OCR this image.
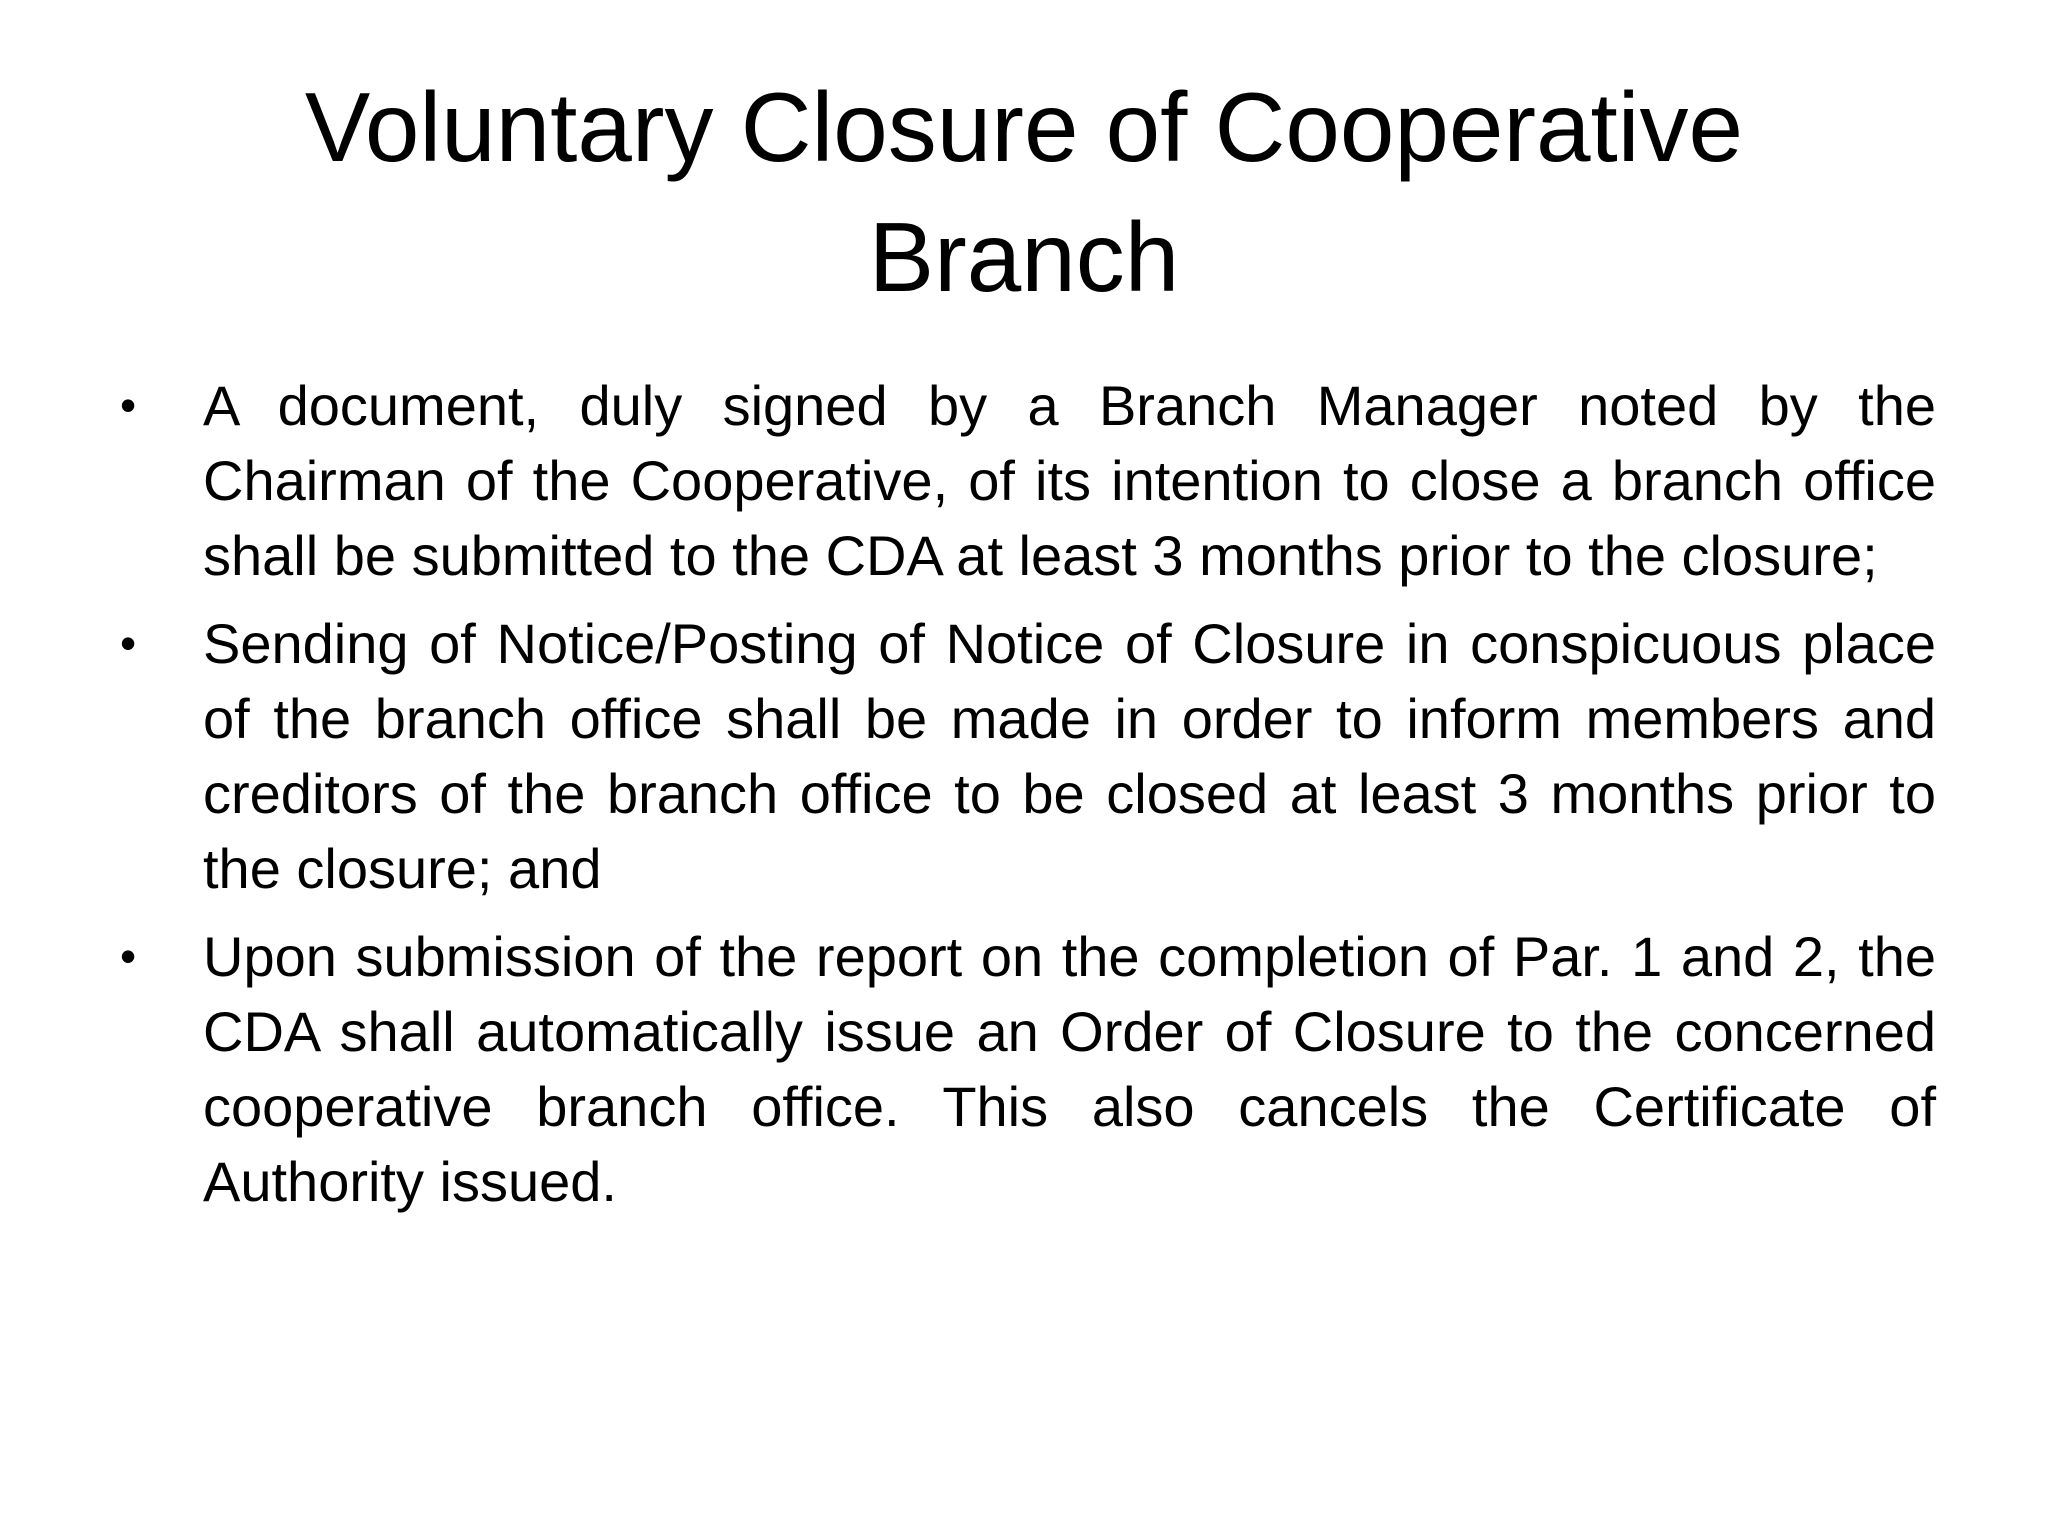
Voluntary Closure of Cooperative Branch
• A document, duly signed by a Branch Manager noted by the Chairman of the Cooperative, of its intention to close a branch office shall be submitted to the CDA at least 3 months prior to the closure;
• Sending of Notice/Posting of Notice of Closure in conspicuous place of the branch office shall be made in order to inform members and creditors of the branch office to be closed at least 3 months prior to the closure; and
• Upon submission of the report on the completion of Par. 1 and 2, the CDA shall automatically issue an Order of Closure to the concerned cooperative branch office. This also cancels the Certificate of Authority issued.
